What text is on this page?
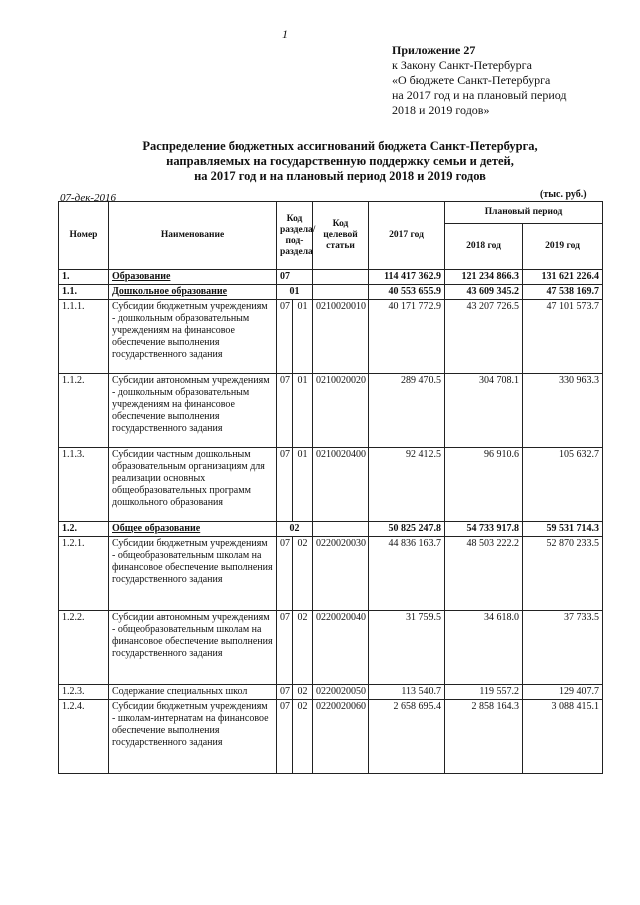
1
Приложение 27
к Закону Санкт-Петербурга
«О бюджете Санкт-Петербурга
на 2017 год и на плановый период
2018 и 2019 годов»
Распределение бюджетных ассигнований бюджета Санкт-Петербурга,
направляемых на государственную поддержку семьи и детей,
на 2017 год и на плановый период 2018 и 2019 годов
07-дек-2016	(тыс. руб.)
Номер	Наименование	Код раздела/ под-раздела		Код целевой статьи	2017 год	Плановый период	
						2018 год	2019 год
1.	Образование	07			114 417 362.9	121 234 866.3	131 621 226.4
1.1.	Дошкольное образование	01			40 553 655.9	43 609 345.2	47 538 169.7
1.1.1.	Субсидии бюджетным учреждениям - дошкольным образовательным учреждениям на финансовое обеспечение выполнения государственного задания	07	01	0210020010	40 171 772.9	43 207 726.5	47 101 573.7
1.1.2.	Субсидии автономным учреждениям - дошкольным образовательным учреждениям на финансовое обеспечение выполнения государственного задания	07	01	0210020020	289 470.5	304 708.1	330 963.3
1.1.3.	Субсидии частным дошкольным образовательным организациям для реализации основных общеобразовательных программ дошкольного образования	07	01	0210020400	92 412.5	96 910.6	105 632.7
1.2.	Общее образование	02			50 825 247.8	54 733 917.8	59 531 714.3
1.2.1.	Субсидии бюджетным учреждениям - общеобразовательным школам на финансовое обеспечение выполнения государственного задания	07	02	0220020030	44 836 163.7	48 503 222.2	52 870 233.5
1.2.2.	Субсидии автономным учреждениям - общеобразовательным школам на финансовое обеспечение выполнения государственного задания	07	02	0220020040	31 759.5	34 618.0	37 733.5
1.2.3.	Содержание специальных школ	07	02	0220020050	113 540.7	119 557.2	129 407.7
1.2.4.	Субсидии бюджетным учреждениям - школам-интернатам на финансовое обеспечение выполнения государственного задания	07	02	0220020060	2 658 695.4	2 858 164.3	3 088 415.1
